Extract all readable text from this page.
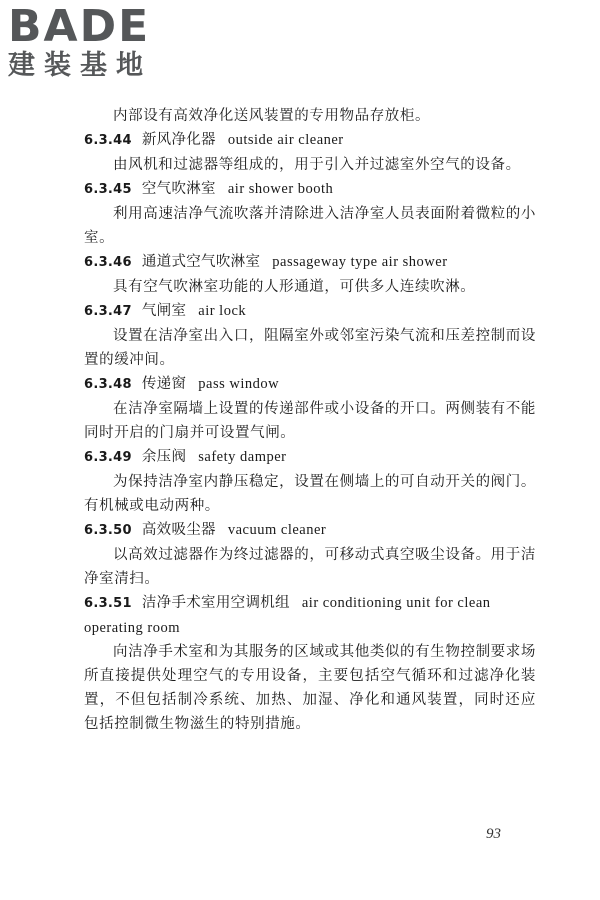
BADE
建装基地

内部设有高效净化送风装置的专用物品存放柜。

6.3.44 新风净化器 outside air cleaner

由风机和过滤器等组成的，用于引入并过滤室外空气的设备。

6.3.45 空气吹淋室 air shower booth

利用高速洁净气流吹落并清除进入洁净室人员表面附着微粒的小室。

6.3.46 通道式空气吹淋室 passageway type air shower

具有空气吹淋室功能的人形通道，可供多人连续吹淋。

6.3.47 气闸室 air lock

设置在洁净室出入口，阻隔室外或邻室污染气流和压差控制而设置的缓冲间。

6.3.48 传递窗 pass window

在洁净室隔墙上设置的传递部件或小设备的开口。两侧装有不能同时开启的门扇并可设置气闸。

6.3.49 余压阀 safety damper

为保持洁净室内静压稳定，设置在侧墙上的可自动开关的阀门。有机械或电动两种。

6.3.50 高效吸尘器 vacuum cleaner

以高效过滤器作为终过滤器的，可移动式真空吸尘设备。用于洁净室清扫。

6.3.51 洁净手术室用空调机组 air conditioning unit for clean operating room

向洁净手术室和为其服务的区域或其他类似的有生物控制要求场所直接提供处理空气的专用设备，主要包括空气循环和过滤净化装置，不但包括制冷系统、加热、加湿、净化和通风装置，同时还应包括控制微生物滋生的特别措施。

93
